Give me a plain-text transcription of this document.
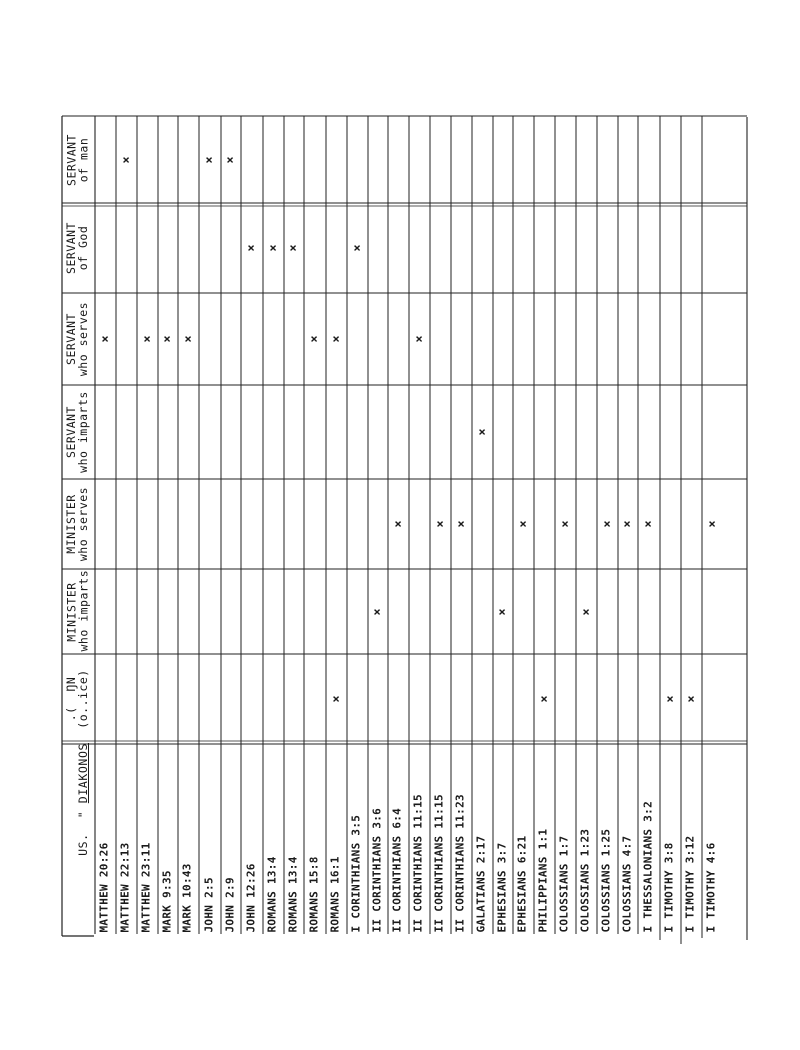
US.  " DIAKONOS

SERVANT
of man
SERVANT
of God
SERVANT
who serves
SERVANT
who imparts
MINISTER
who serves
MINISTER
who imparts
.(  ŊN
(o..ice)
MATTHEW 20:26
×
MATTHEW 22:13
×
MATTHEW 23:11
×
MARK 9:35
×
MARK 10:43
×
JOHN 2:5
×
JOHN 2:9
×
JOHN 12:26
×
ROMANS 13:4
×
ROMANS 13:4
×
ROMANS 15:8
×
ROMANS 16:1
×
×
I CORINTHIANS 3:5
×
II CORINTHIANS 3:6
×
II CORINTHIANS 6:4
×
II CORINTHIANS 11:15
×
II CORINTHIANS 11:15
×
II CORINTHIANS 11:23
×
GALATIANS 2:17
×
EPHESIANS 3:7
×
EPHESIANS 6:21
×
PHILIPPIANS 1:1
×
COLOSSIANS 1:7
×
COLOSSIANS 1:23
×
COLOSSIANS 1:25
×
COLOSSIANS 4:7
×
I THESSALONIANS 3:2
×
I TIMOTHY 3:8
×
I TIMOTHY 3:12
×
I TIMOTHY 4:6
×
